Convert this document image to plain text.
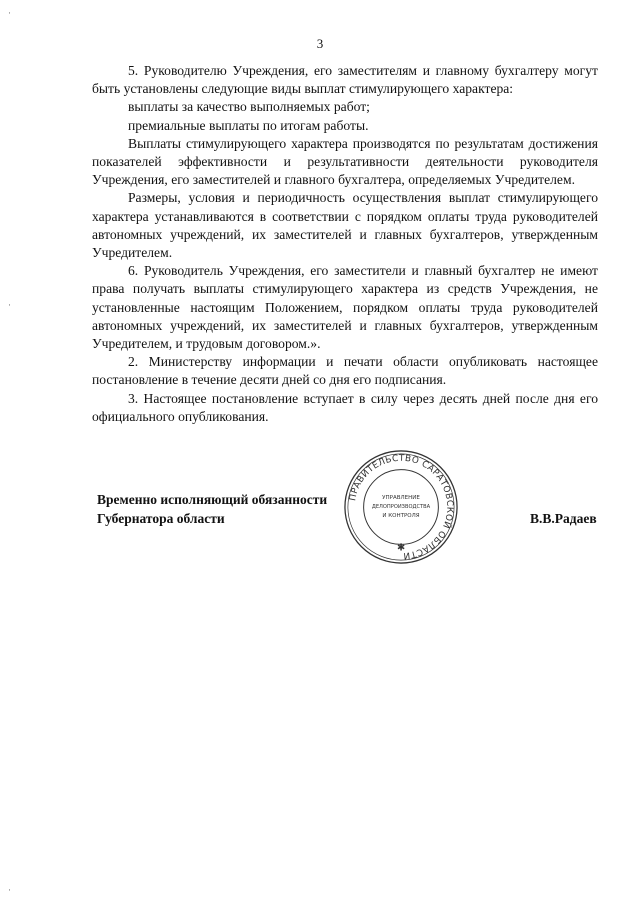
3

5. Руководителю Учреждения, его заместителям и главному бухгалтеру могут быть установлены следующие виды выплат стимулирующего характера:

выплаты за качество выполняемых работ;

премиальные выплаты по итогам работы.

Выплаты стимулирующего характера производятся по результатам достижения показателей эффективности и результативности деятельности руководителя Учреждения, его заместителей и главного бухгалтера, определяемых Учредителем.

Размеры, условия и периодичность осуществления выплат стимулирующего характера устанавливаются в соответствии с порядком оплаты труда руководителей автономных учреждений, их заместителей и главных бухгалтеров, утвержденным Учредителем.

6. Руководитель Учреждения, его заместители и главный бухгалтер не имеют права получать выплаты стимулирующего характера из средств Учреждения, не установленные настоящим Положением, порядком оплаты труда руководителей автономных учреждений, их заместителей и главных бухгалтеров, утвержденным Учредителем, и трудовым договором.».

2. Министерству информации и печати области опубликовать настоящее постановление в течение десяти дней со дня его подписания.

3. Настоящее постановление вступает в силу через десять дней после дня его официального опубликования.

Временно исполняющий обязанности
Губернатора области	В.В.Радаев
ПРАВИТЕЛЬСТВО САРАТОВСКОЙ ОБЛАСТИ
✱
УПРАВЛЕНИЕ
ДЕЛОПРОИЗВОДСТВА
И КОНТРОЛЯ
·
·
·
